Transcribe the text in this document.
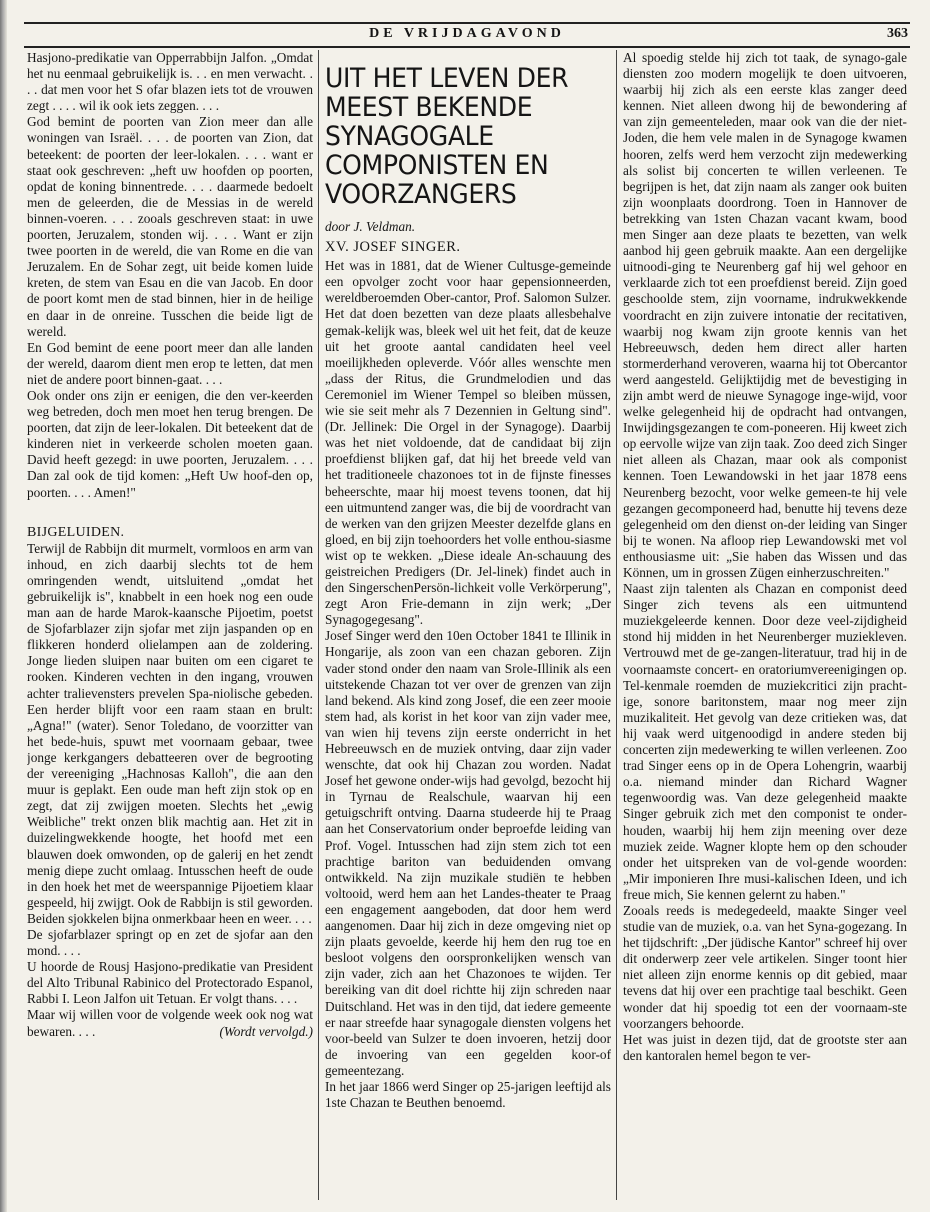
DE VRIJDAGAVOND	363

Hasjono-predikatie van Opperrabbijn Jalfon. „Omdat het nu eenmaal gebruikelijk is. . . en men verwacht. . . . dat men voor het S ofar blazen iets tot de vrouwen zegt . . . . wil ik ook iets zeggen. . . .

God bemint de poorten van Zion meer dan alle woningen van Israël. . . . de poorten van Zion, dat beteekent: de poorten der leer-lokalen. . . . want er staat ook geschreven: „heft uw hoofden op poorten, opdat de koning binnentrede. . . . daarmede bedoelt men de geleerden, die de Messias in de wereld binnen-voeren. . . . zooals geschreven staat: in uwe poorten, Jeruzalem, stonden wij. . . . Want er zijn twee poorten in de wereld, die van Rome en die van Jeruzalem. En de Sohar zegt, uit beide komen luide kreten, de stem van Esau en die van Jacob. En door de poort komt men de stad binnen, hier in de heilige en daar in de onreine. Tusschen die beide ligt de wereld.

En God bemint de eene poort meer dan alle landen der wereld, daarom dient men erop te letten, dat men niet de andere poort binnen-gaat. . . .

Ook onder ons zijn er eenigen, die den ver-keerden weg betreden, doch men moet hen terug brengen. De poorten, dat zijn de leer-lokalen. Dit beteekent dat de kinderen niet in verkeerde scholen moeten gaan. David heeft gezegd: in uwe poorten, Jeruzalem. . . . Dan zal ook de tijd komen: „Heft Uw hoof-den op, poorten. . . . Amen!"

BIJGELUIDEN.

Terwijl de Rabbijn dit murmelt, vormloos en arm van inhoud, en zich daarbij slechts tot de hem omringenden wendt, uitsluitend „omdat het gebruikelijk is", knabbelt in een hoek nog een oude man aan de harde Marok-kaansche Pijoetim, poetst de Sjofarblazer zijn sjofar met zijn jaspanden op en flikkeren honderd olielampen aan de zoldering. Jonge lieden sluipen naar buiten om een cigaret te rooken. Kinderen vechten in den ingang, vrouwen achter tralievensters prevelen Spa-niolische gebeden. Een herder blijft voor een raam staan en brult: „Agna!" (water). Senor Toledano, de voorzitter van het bede-huis, spuwt met voornaam gebaar, twee jonge kerkgangers debatteeren over de begrooting der vereeniging „Hachnosas Kalloh", die aan den muur is geplakt. Een oude man heft zijn stok op en zegt, dat zij zwijgen moeten. Slechts het „ewig Weibliche" trekt onzen blik machtig aan. Het zit in duizelingwekkende hoogte, het hoofd met een blauwen doek omwonden, op de galerij en het zendt menig diepe zucht omlaag. Intusschen heeft de oude in den hoek het met de weerspannige Pijoetiem klaar gespeeld, hij zwijgt. Ook de Rabbijn is stil geworden. Beiden sjokkelen bijna onmerkbaar heen en weer. . . .

De sjofarblazer springt op en zet de sjofar aan den mond. . . .

U hoorde de Rousj Hasjono-predikatie van President del Alto Tribunal Rabinico del Protectorado Espanol, Rabbi I. Leon Jalfon uit Tetuan. Er volgt thans. . . .

Maar wij willen voor de volgende week ook nog wat bewaren. . . .	(Wordt vervolgd.)

UIT HET LEVEN DER MEEST BEKENDE SYNAGOGALE COMPONISTEN EN VOORZANGERS
door J. Veldman.
XV. JOSEF SINGER.

Het was in 1881, dat de Wiener Cultusge-gemeinde een opvolger zocht voor haar gepensionneerden, wereldberoemden Ober-cantor, Prof. Salomon Sulzer. Het dat doen bezetten van deze plaats allesbehalve gemak-kelijk was, bleek wel uit het feit, dat de keuze uit het groote aantal candidaten heel veel moeilijkheden opleverde. Vóór alles wenschte men „dass der Ritus, die Grundmelodien und das Ceremoniel im Wiener Tempel so bleiben müssen, wie sie seit mehr als 7 Dezennien in Geltung sind". (Dr. Jellinek: Die Orgel in der Synagoge). Daarbij was het niet voldoende, dat de candidaat bij zijn proefdienst blijken gaf, dat hij het breede veld van het traditioneele chazonoes tot in de fijnste finesses beheerschte, maar hij moest tevens toonen, dat hij een uitmuntend zanger was, die bij de voordracht van de werken van den grijzen Meester dezelfde glans en gloed, en bij zijn toehoorders het volle enthou-siasme wist op te wekken. „Diese ideale An-schauung des geistreichen Predigers (Dr. Jel-linek) findet auch in den SingerschenPersön-lichkeit volle Verkörperung", zegt Aron Frie-demann in zijn werk; „Der Synagogegesang".

Josef Singer werd den 10en October 1841 te Illinik in Hongarije, als zoon van een chazan geboren. Zijn vader stond onder den naam van Srole-Illinik als een uitstekende Chazan tot ver over de grenzen van zijn land bekend. Als kind zong Josef, die een zeer mooie stem had, als korist in het koor van zijn vader mee, van wien hij tevens zijn eerste onderricht in het Hebreeuwsch en de muziek ontving, daar zijn vader wenschte, dat ook hij Chazan zou worden. Nadat Josef het gewone onder-wijs had gevolgd, bezocht hij in Tyrnau de Realschule, waarvan hij een getuigschrift ontving. Daarna studeerde hij te Praag aan het Conservatorium onder beproefde leiding van Prof. Vogel. Intusschen had zijn stem zich tot een prachtige bariton van beduidenden omvang ontwikkeld. Na zijn muzikale studiën te hebben voltooid, werd hem aan het Landes-theater te Praag een engagement aangeboden, dat door hem werd aangenomen. Daar hij zich in deze omgeving niet op zijn plaats gevoelde, keerde hij hem den rug toe en besloot volgens den oorspronkelijken wensch van zijn vader, zich aan het Chazonoes te wijden. Ter bereiking van dit doel richtte hij zijn schreden naar Duitschland. Het was in den tijd, dat iedere gemeente er naar streefde haar synagogale diensten volgens het voor-beeld van Sulzer te doen invoeren, hetzij door de invoering van een gegelden koor-of gemeentezang.

In het jaar 1866 werd Singer op 25-jarigen leeftijd als 1ste Chazan te Beuthen benoemd.

Al spoedig stelde hij zich tot taak, de synago-gale diensten zoo modern mogelijk te doen uitvoeren, waarbij hij zich als een eerste klas zanger deed kennen. Niet alleen dwong hij de bewondering af van zijn gemeenteleden, maar ook van die der niet-Joden, die hem vele malen in de Synagoge kwamen hooren, zelfs werd hem verzocht zijn medewerking als solist bij concerten te willen verleenen. Te begrijpen is het, dat zijn naam als zanger ook buiten zijn woonplaats doordrong. Toen in Hannover de betrekking van 1sten Chazan vacant kwam, bood men Singer aan deze plaats te bezetten, van welk aanbod hij geen gebruik maakte. Aan een dergelijke uitnoodi-ging te Neurenberg gaf hij wel gehoor en verklaarde zich tot een proefdienst bereid. Zijn goed geschoolde stem, zijn voorname, indrukwekkende voordracht en zijn zuivere intonatie der recitativen, waarbij nog kwam zijn groote kennis van het Hebreeuwsch, deden hem direct aller harten stormerderhand veroveren, waarna hij tot Obercantor werd aangesteld. Gelijktijdig met de bevestiging in zijn ambt werd de nieuwe Synagoge inge-wijd, voor welke gelegenheid hij de opdracht had ontvangen, Inwijdingsgezangen te com-poneeren. Hij kweet zich op eervolle wijze van zijn taak. Zoo deed zich Singer niet alleen als Chazan, maar ook als componist kennen. Toen Lewandowski in het jaar 1878 eens Neurenberg bezocht, voor welke gemeen-te hij vele gezangen gecomponeerd had, benutte hij tevens deze gelegenheid om den dienst on-der leiding van Singer bij te wonen. Na afloop riep Lewandowski met vol enthousiasme uit: „Sie haben das Wissen und das Können, um in grossen Zügen einherzuschreiten."

Naast zijn talenten als Chazan en componist deed Singer zich tevens als een uitmuntend muziekgeleerde kennen. Door deze veel-zijdigheid stond hij midden in het Neurenberger muziekleven. Vertrouwd met de ge-zangen-literatuur, trad hij in de voornaamste concert- en oratoriumvereenigingen op. Tel-kenmale roemden de muziekcritici zijn pracht-ige, sonore baritonstem, maar nog meer zijn muzikaliteit. Het gevolg van deze critieken was, dat hij vaak werd uitgenoodigd in andere steden bij concerten zijn medewerking te willen verleenen. Zoo trad Singer eens op in de Opera Lohengrin, waarbij o.a. niemand minder dan Richard Wagner tegenwoordig was. Van deze gelegenheid maakte Singer gebruik zich met den componist te onder-houden, waarbij hij hem zijn meening over deze muziek zeide. Wagner klopte hem op den schouder onder het uitspreken van de vol-gende woorden: „Mir imponieren Ihre musi-kalischen Ideen, und ich freue mich, Sie kennen gelernt zu haben."

Zooals reeds is medegedeeld, maakte Singer veel studie van de muziek, o.a. van het Syna-gogezang. In het tijdschrift: „Der jüdische Kantor" schreef hij over dit onderwerp zeer vele artikelen. Singer toont hier niet alleen zijn enorme kennis op dit gebied, maar tevens dat hij over een prachtige taal beschikt. Geen wonder dat hij spoedig tot een der voornaam-ste voorzangers behoorde.

Het was juist in dezen tijd, dat de grootste ster aan den kantoralen hemel begon te ver-
